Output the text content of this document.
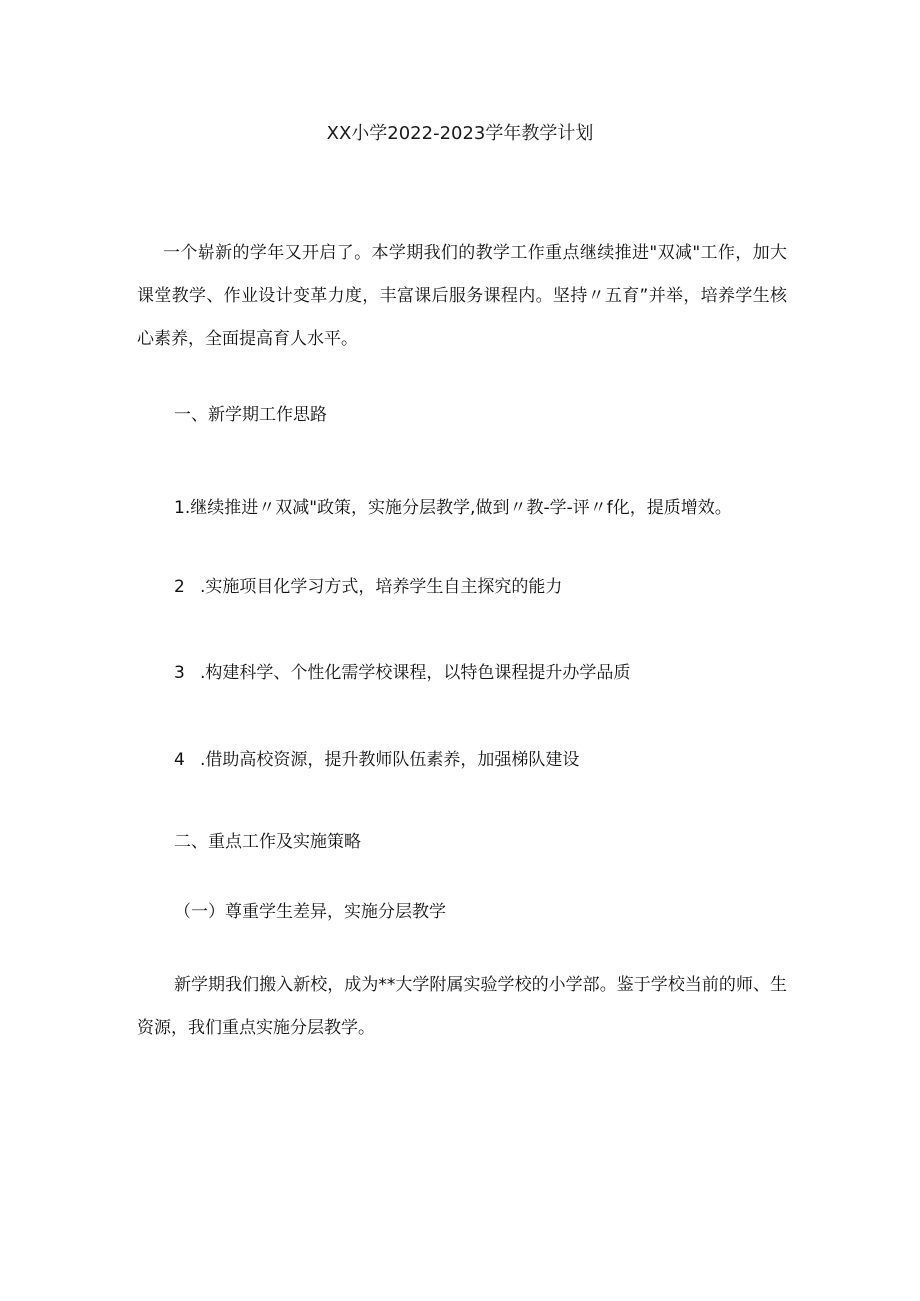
XX小学2022-2023学年教学计划
一个崭新的学年又开启了。本学期我们的教学工作重点继续推进"双减"工作，加大课堂教学、作业设计变革力度，丰富课后服务课程内。坚持〃五育”并举，培养学生核心素养，全面提高育人水平。
一、新学期工作思路
1.继续推进〃双减"政策，实施分层教学,做到〃教-学-评〃f化，提质增效。
2 .实施项目化学习方式，培养学生自主探究的能力
3 .构建科学、个性化需学校课程，以特色课程提升办学品质
4 .借助高校资源，提升教师队伍素养，加强梯队建设
二、重点工作及实施策略
（一）尊重学生差异，实施分层教学
新学期我们搬入新校，成为**大学附属实验学校的小学部。鉴于学校当前的师、生资源，我们重点实施分层教学。
